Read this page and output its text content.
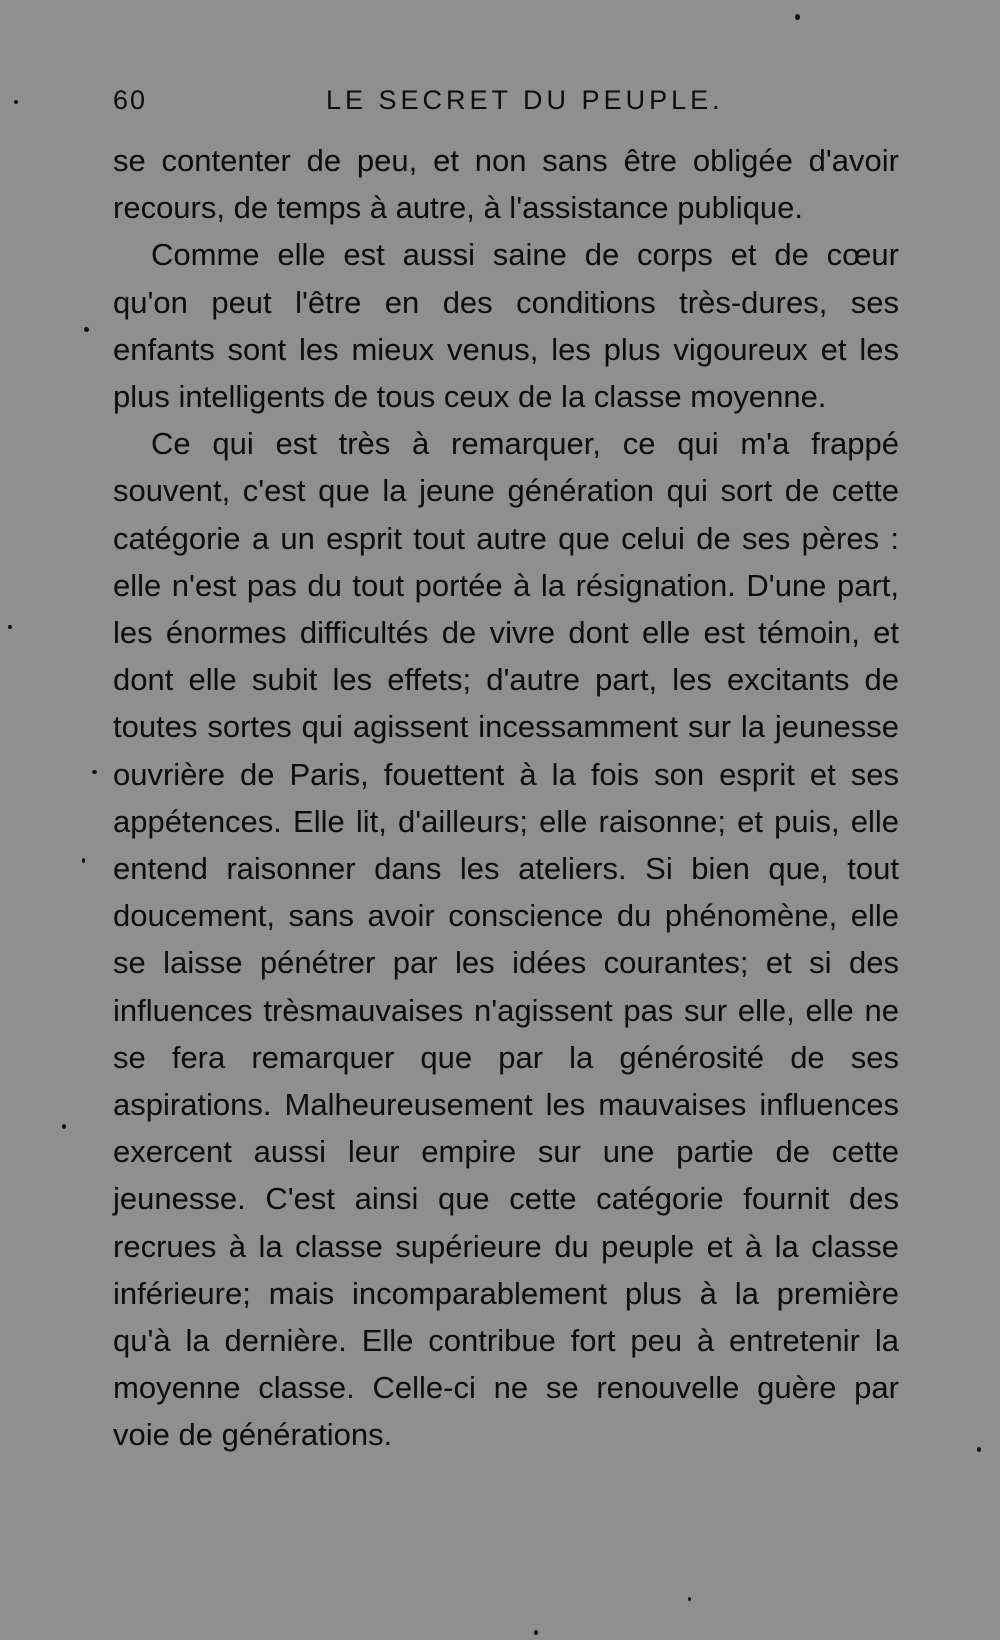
60	LE SECRET DU PEUPLE.

se contenter de peu, et non sans être obligée d'avoir recours, de temps à autre, à l'assistance publique.

Comme elle est aussi saine de corps et de cœur qu'on peut l'être en des conditions très-dures, ses enfants sont les mieux venus, les plus vigoureux et les plus intelligents de tous ceux de la classe moyenne.

Ce qui est très à remarquer, ce qui m'a frappé souvent, c'est que la jeune génération qui sort de cette catégorie a un esprit tout autre que celui de ses pères : elle n'est pas du tout portée à la résignation. D'une part, les énormes difficultés de vivre dont elle est témoin, et dont elle subit les effets; d'autre part, les excitants de toutes sortes qui agissent incessamment sur la jeunesse ouvrière de Paris, fouettent à la fois son esprit et ses appétences. Elle lit, d'ailleurs; elle raisonne; et puis, elle entend raisonner dans les ateliers. Si bien que, tout doucement, sans avoir conscience du phénomène, elle se laisse pénétrer par les idées courantes; et si des influences trèsmauvaises n'agissent pas sur elle, elle ne se fera remarquer que par la générosité de ses aspirations. Malheureusement les mauvaises influences exercent aussi leur empire sur une partie de cette jeunesse. C'est ainsi que cette catégorie fournit des recrues à la classe supérieure du peuple et à la classe inférieure; mais incomparablement plus à la première qu'à la dernière. Elle contribue fort peu à entretenir la moyenne classe. Celle-ci ne se renouvelle guère par voie de générations.
